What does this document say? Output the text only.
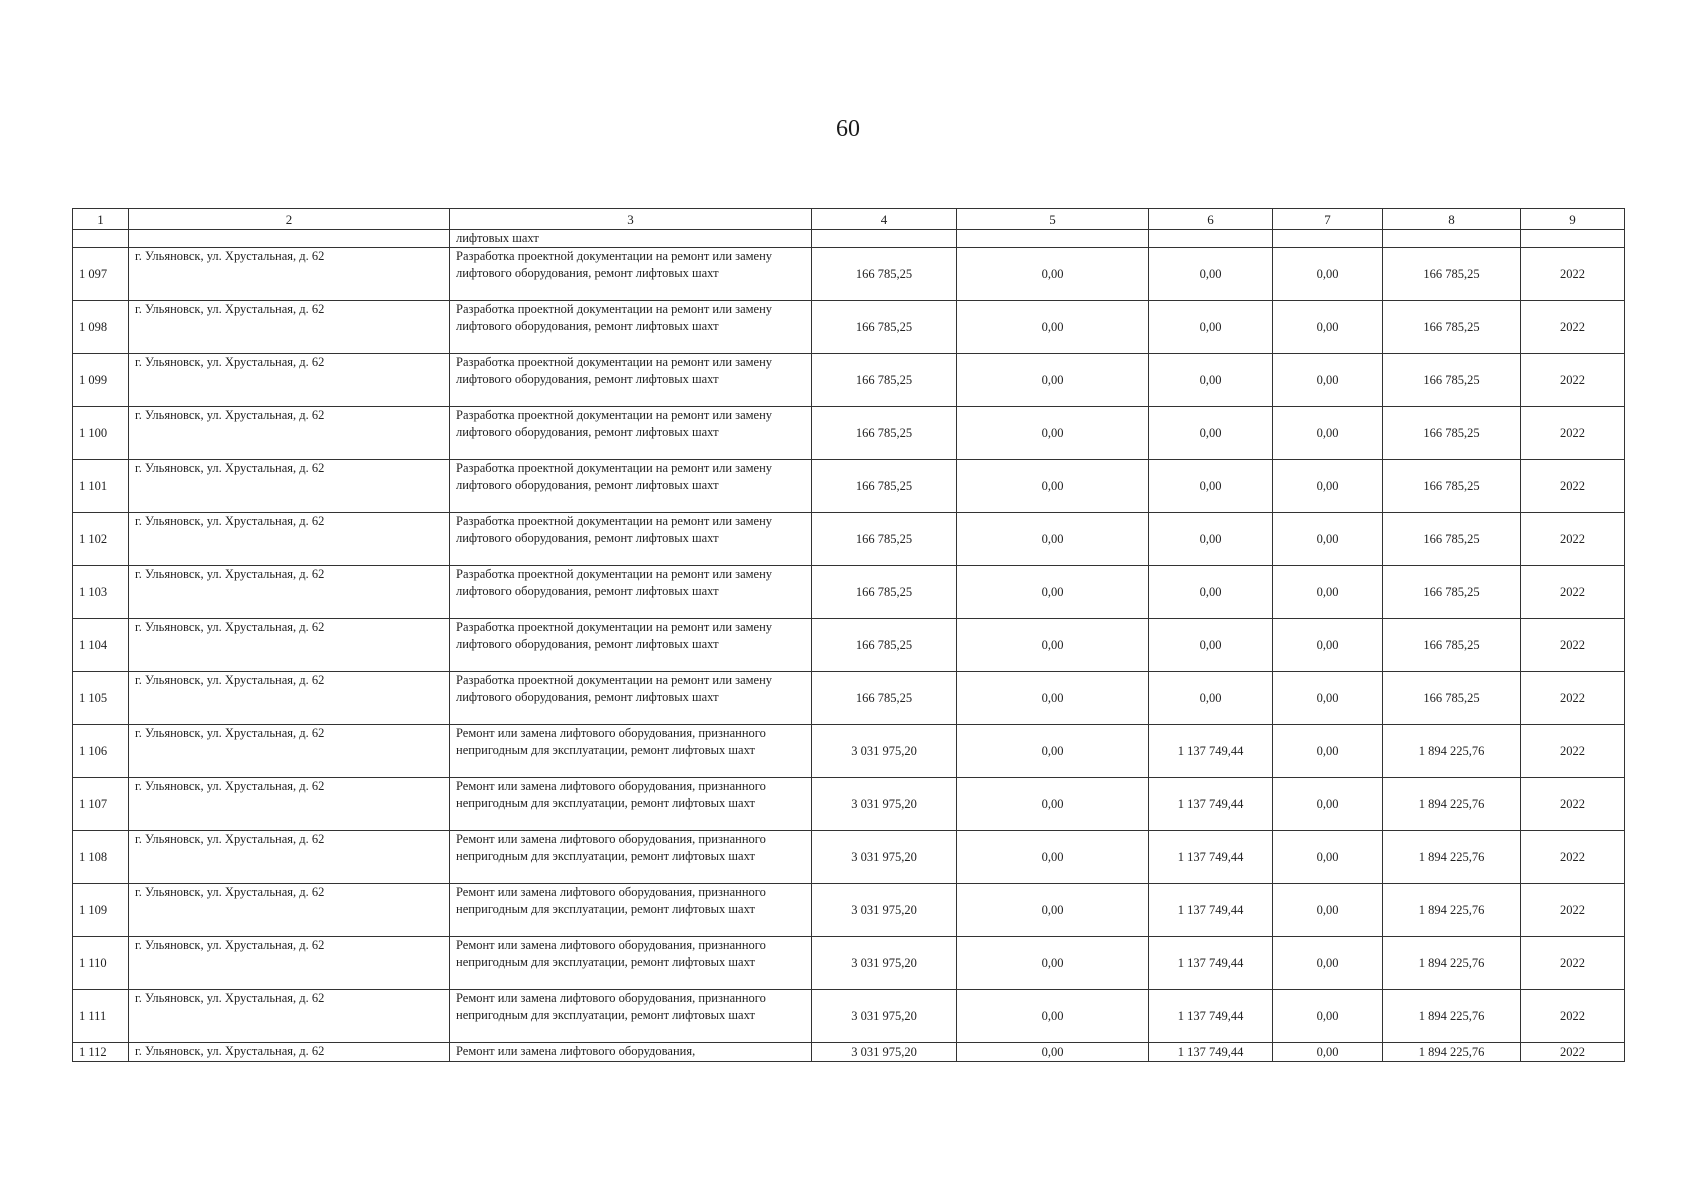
60
1	2	3	4	5	6	7	8	9
		лифтовых шахт						
1 097	г. Ульяновск, ул. Хрустальная, д. 62	Разработка проектной документации на ремонт или замену лифтового оборудования, ремонт лифтовых шахт	166 785,25	0,00	0,00	0,00	166 785,25	2022
1 098	г. Ульяновск, ул. Хрустальная, д. 62	Разработка проектной документации на ремонт или замену лифтового оборудования, ремонт лифтовых шахт	166 785,25	0,00	0,00	0,00	166 785,25	2022
1 099	г. Ульяновск, ул. Хрустальная, д. 62	Разработка проектной документации на ремонт или замену лифтового оборудования, ремонт лифтовых шахт	166 785,25	0,00	0,00	0,00	166 785,25	2022
1 100	г. Ульяновск, ул. Хрустальная, д. 62	Разработка проектной документации на ремонт или замену лифтового оборудования, ремонт лифтовых шахт	166 785,25	0,00	0,00	0,00	166 785,25	2022
1 101	г. Ульяновск, ул. Хрустальная, д. 62	Разработка проектной документации на ремонт или замену лифтового оборудования, ремонт лифтовых шахт	166 785,25	0,00	0,00	0,00	166 785,25	2022
1 102	г. Ульяновск, ул. Хрустальная, д. 62	Разработка проектной документации на ремонт или замену лифтового оборудования, ремонт лифтовых шахт	166 785,25	0,00	0,00	0,00	166 785,25	2022
1 103	г. Ульяновск, ул. Хрустальная, д. 62	Разработка проектной документации на ремонт или замену лифтового оборудования, ремонт лифтовых шахт	166 785,25	0,00	0,00	0,00	166 785,25	2022
1 104	г. Ульяновск, ул. Хрустальная, д. 62	Разработка проектной документации на ремонт или замену лифтового оборудования, ремонт лифтовых шахт	166 785,25	0,00	0,00	0,00	166 785,25	2022
1 105	г. Ульяновск, ул. Хрустальная, д. 62	Разработка проектной документации на ремонт или замену лифтового оборудования, ремонт лифтовых шахт	166 785,25	0,00	0,00	0,00	166 785,25	2022
1 106	г. Ульяновск, ул. Хрустальная, д. 62	Ремонт или замена лифтового оборудования, признанного непригодным для эксплуатации, ремонт лифтовых шахт	3 031 975,20	0,00	1 137 749,44	0,00	1 894 225,76	2022
1 107	г. Ульяновск, ул. Хрустальная, д. 62	Ремонт или замена лифтового оборудования, признанного непригодным для эксплуатации, ремонт лифтовых шахт	3 031 975,20	0,00	1 137 749,44	0,00	1 894 225,76	2022
1 108	г. Ульяновск, ул. Хрустальная, д. 62	Ремонт или замена лифтового оборудования, признанного непригодным для эксплуатации, ремонт лифтовых шахт	3 031 975,20	0,00	1 137 749,44	0,00	1 894 225,76	2022
1 109	г. Ульяновск, ул. Хрустальная, д. 62	Ремонт или замена лифтового оборудования, признанного непригодным для эксплуатации, ремонт лифтовых шахт	3 031 975,20	0,00	1 137 749,44	0,00	1 894 225,76	2022
1 110	г. Ульяновск, ул. Хрустальная, д. 62	Ремонт или замена лифтового оборудования, признанного непригодным для эксплуатации, ремонт лифтовых шахт	3 031 975,20	0,00	1 137 749,44	0,00	1 894 225,76	2022
1 111	г. Ульяновск, ул. Хрустальная, д. 62	Ремонт или замена лифтового оборудования, признанного непригодным для эксплуатации, ремонт лифтовых шахт	3 031 975,20	0,00	1 137 749,44	0,00	1 894 225,76	2022
1 112	г. Ульяновск, ул. Хрустальная, д. 62	Ремонт или замена лифтового оборудования,	3 031 975,20	0,00	1 137 749,44	0,00	1 894 225,76	2022
